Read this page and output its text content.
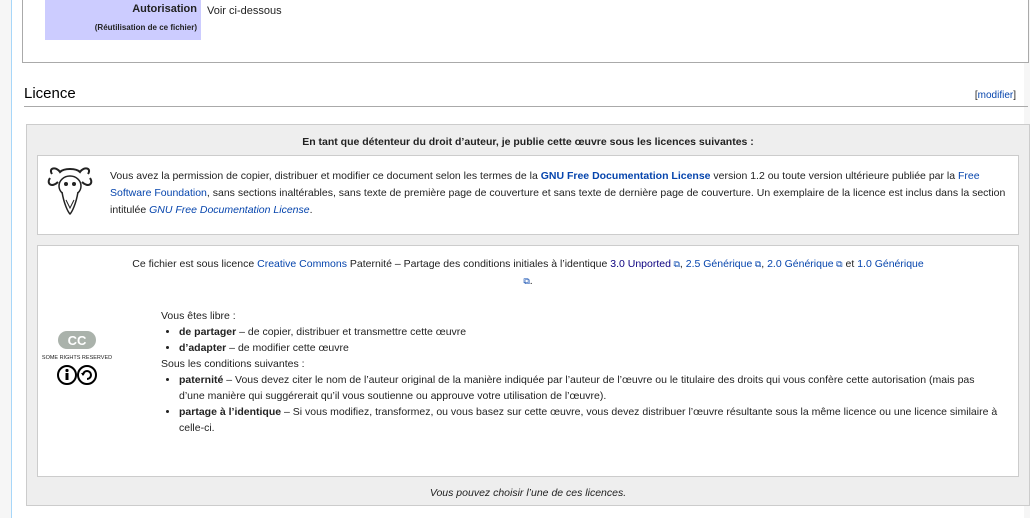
Autorisation
(Réutilisation de ce fichier)
Voir ci-dessous
Licence	[modifier]
En tant que détenteur du droit d’auteur, je publie cette œuvre sous les licences suivantes :
Vous avez la permission de copier, distribuer et modifier ce document selon les termes de la GNU Free Documentation License version 1.2 ou toute version ultérieure publiée par la Free Software Foundation, sans sections inaltérables, sans texte de première page de couverture et sans texte de dernière page de couverture. Un exemplaire de la licence est inclus dans la section intitulée GNU Free Documentation License.
Ce fichier est sous licence Creative Commons Paternité – Partage des conditions initiales à l’identique 3.0 Unported ⧉, 2.5 Générique ⧉, 2.0 Générique ⧉ et 1.0 Générique ⧉.
CC
SOME RIGHTS RESERVED
Vous êtes libre :
• de partager – de copier, distribuer et transmettre cette œuvre
• d’adapter – de modifier cette œuvre
Sous les conditions suivantes :
• paternité – Vous devez citer le nom de l’auteur original de la manière indiquée par l’auteur de l’œuvre ou le titulaire des droits qui vous confère cette autorisation (mais pas d’une manière qui suggérerait qu’il vous soutienne ou approuve votre utilisation de l’œuvre).
• partage à l’identique – Si vous modifiez, transformez, ou vous basez sur cette œuvre, vous devez distribuer l’œuvre résultante sous la même licence ou une licence similaire à celle-ci.
Vous pouvez choisir l’une de ces licences.
